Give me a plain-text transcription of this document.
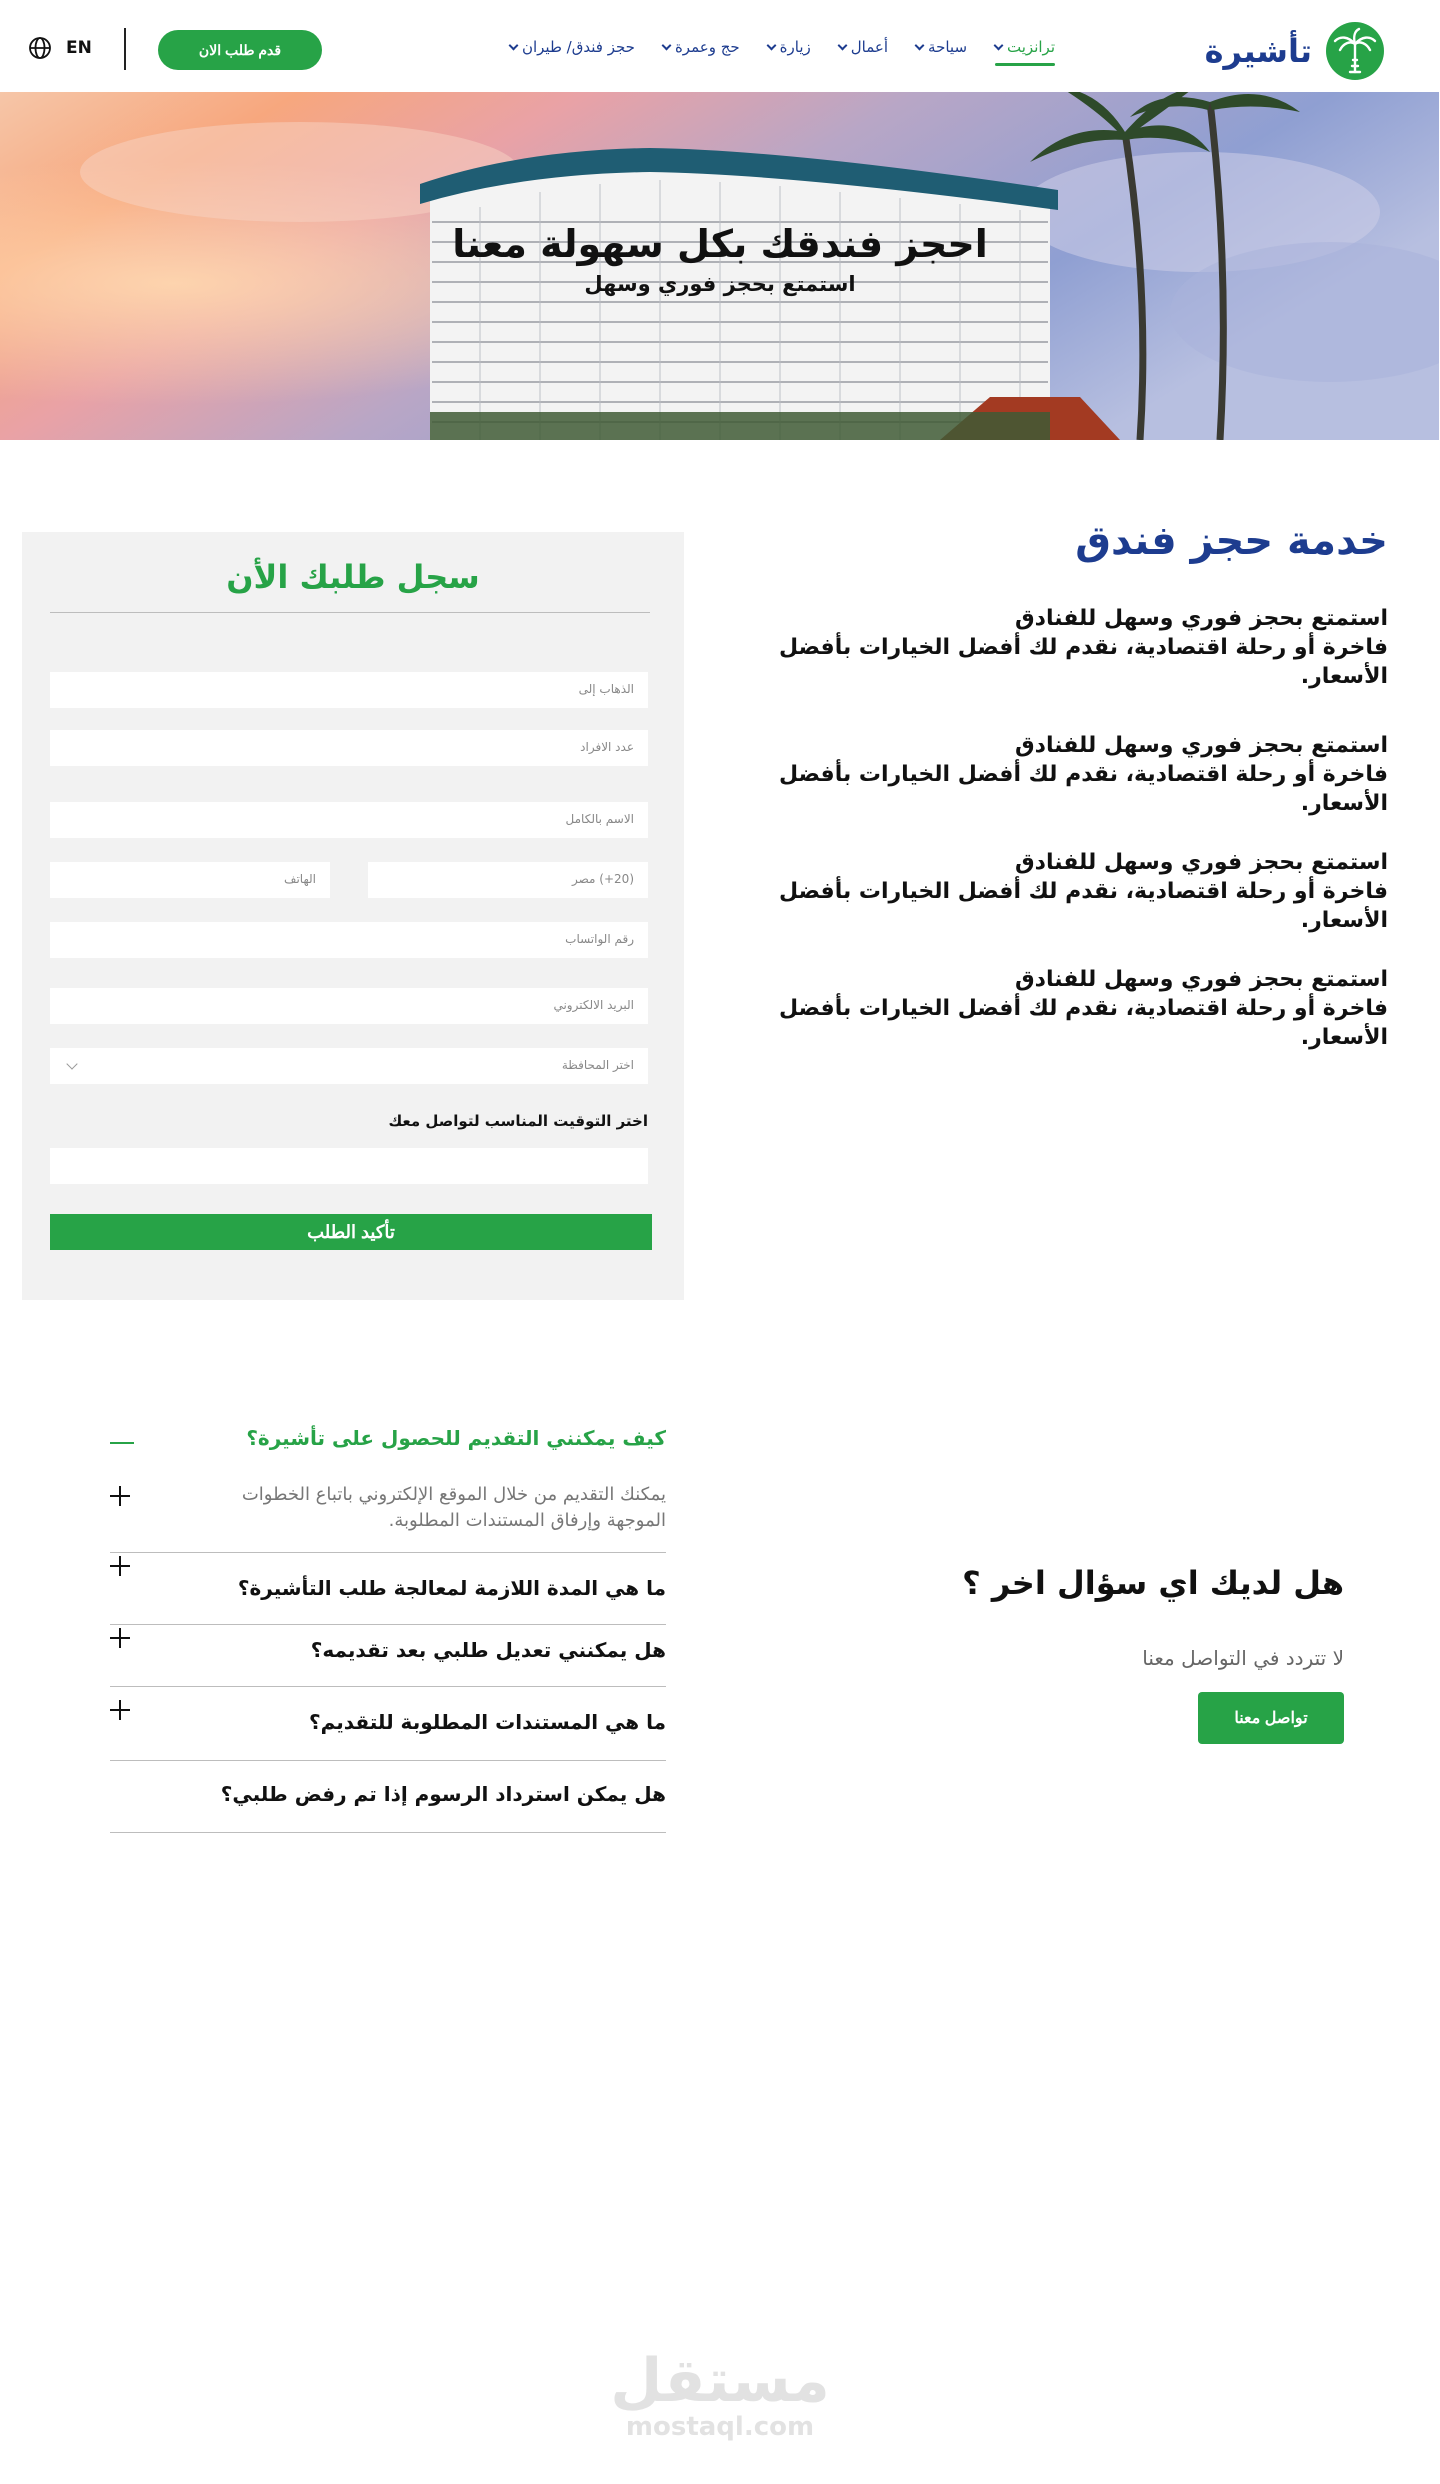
تأشيرة
ترانزيت
سياحة
أعمال
زيارة
حج وعمرة
حجز فندق/ طيران
قدم طلب الان
EN
احجز فندقك بكل سهولة معنا
استمتع بحجز فوري وسهل
خدمة حجز فندق
استمتع بحجز فوري وسهل للفنادق
فاخرة أو رحلة اقتصادية، نقدم لك أفضل الخيارات بأفضل الأسعار.
استمتع بحجز فوري وسهل للفنادق
فاخرة أو رحلة اقتصادية، نقدم لك أفضل الخيارات بأفضل الأسعار.
استمتع بحجز فوري وسهل للفنادق
فاخرة أو رحلة اقتصادية، نقدم لك أفضل الخيارات بأفضل الأسعار.
استمتع بحجز فوري وسهل للفنادق
فاخرة أو رحلة اقتصادية، نقدم لك أفضل الخيارات بأفضل الأسعار.
سجل طلبك الأن
الذهاب إلى
عدد الافراد
الاسم بالكامل
(20+) مصر
الهاتف
رقم الواتساب
البريد الالكتروني
اختر المحافظة
اختر التوقيت المناسب لتواصل معك
تأكيد الطلب
كيف يمكنني التقديم للحصول على تأشيرة؟
يمكنك التقديم من خلال الموقع الإلكتروني باتباع الخطوات الموجهة وإرفاق المستندات المطلوبة.
ما هي المدة اللازمة لمعالجة طلب التأشيرة؟
هل يمكنني تعديل طلبي بعد تقديمه؟
ما هي المستندات المطلوبة للتقديم؟
هل يمكن استرداد الرسوم إذا تم رفض طلبي؟
هل لديك اي سؤال اخر ؟
لا تتردد في التواصل معنا
تواصل معنا
مستقل
mostaql.com
